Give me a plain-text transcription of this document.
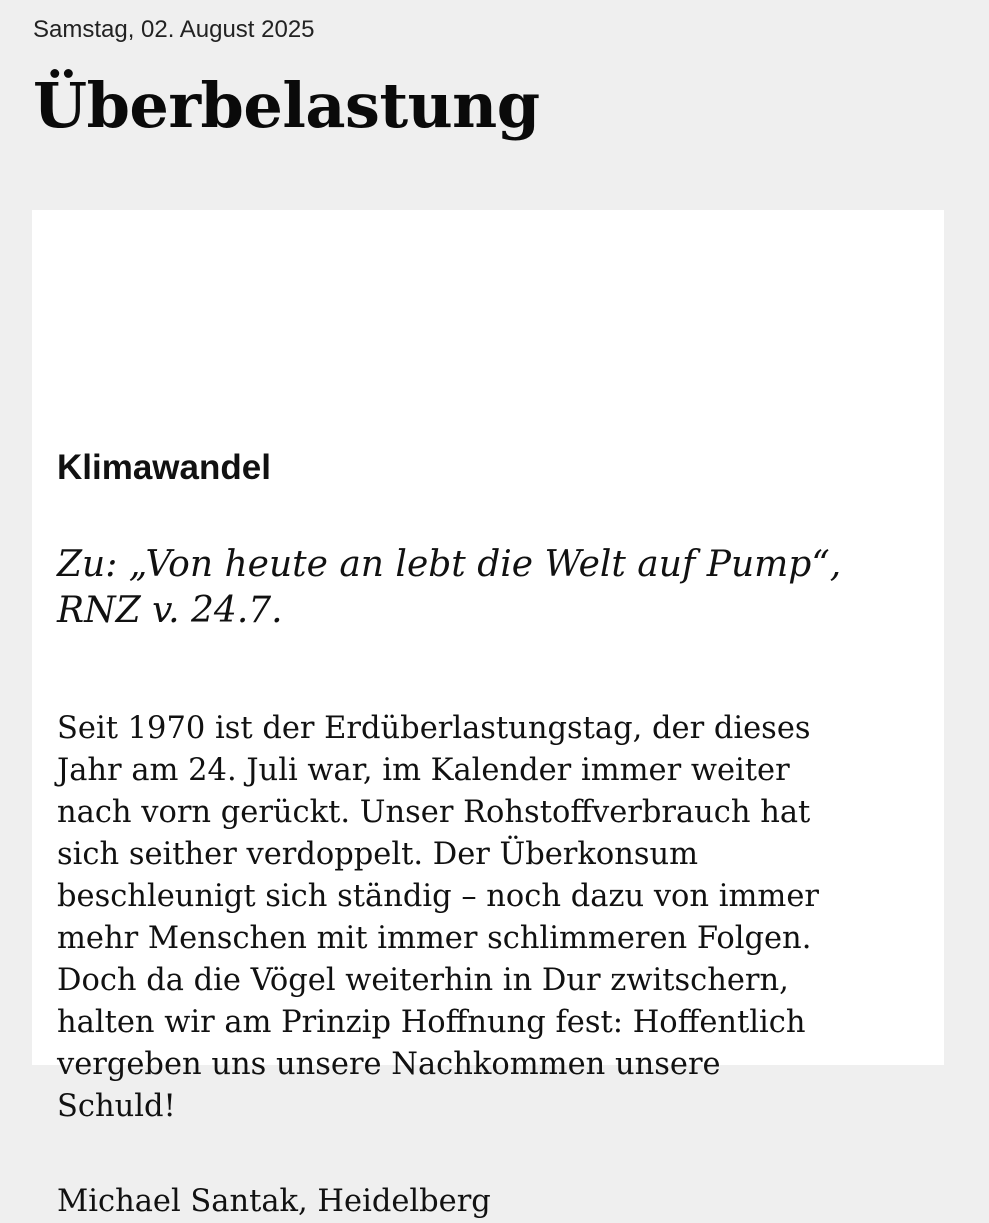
Samstag, 02. August 2025
Überbelastung
Klimawandel

Zu: „Von heute an lebt die Welt auf Pump“, RNZ v. 24.7.

Seit 1970 ist der Erdüberlastungstag, der dieses
Jahr am 24. Juli war, im Kalender immer weiter
nach vorn gerückt. Unser Rohstoffverbrauch hat
sich seither verdoppelt. Der Überkonsum
beschleunigt sich ständig – noch dazu von immer
mehr Menschen mit immer schlimmeren Folgen.
Doch da die Vögel weiterhin in Dur zwitschern,
halten wir am Prinzip Hoffnung fest: Hoffentlich
vergeben uns unsere Nachkommen unsere
Schuld!

Michael Santak, Heidelberg
